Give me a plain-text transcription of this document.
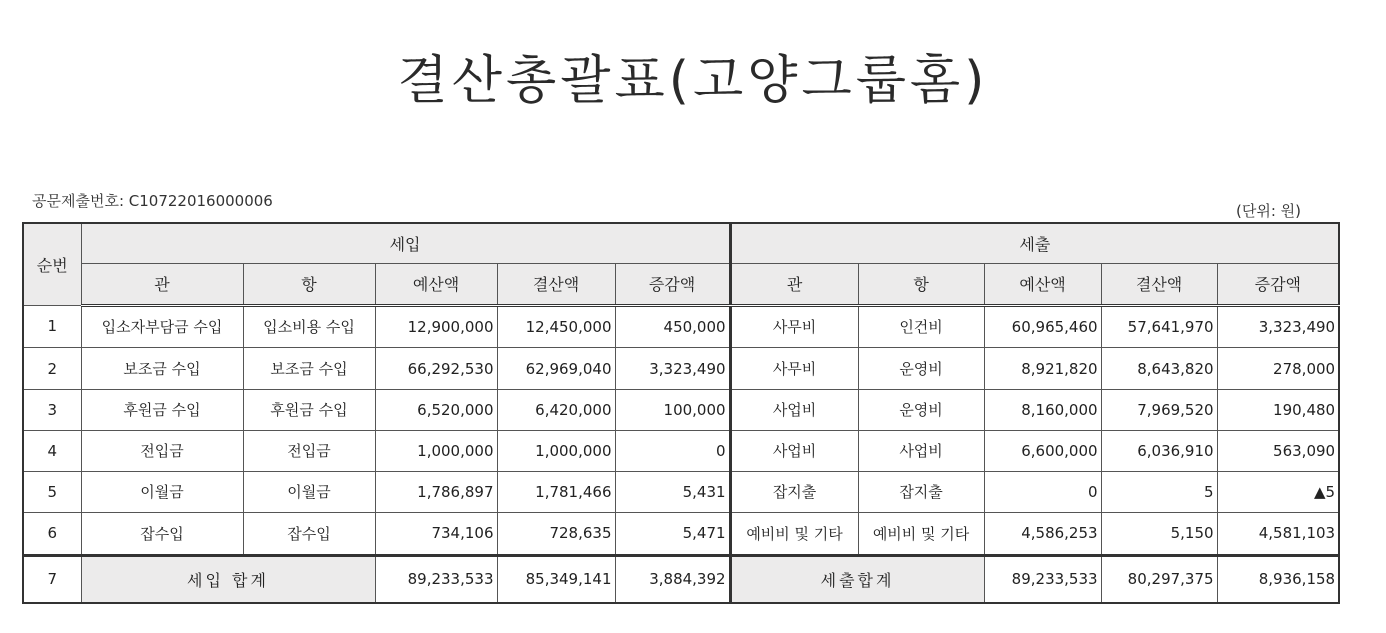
결산총괄표(고양그룹홈)
공문제출번호: C10722016000006
(단위: 원)
순번	세입					세출				
	관	항	예산액	결산액	증감액	관	항	예산액	결산액	증감액
1	입소자부담금 수입	입소비용 수입	12,900,000	12,450,000	450,000	사무비	인건비	60,965,460	57,641,970	3,323,490
2	보조금 수입	보조금 수입	66,292,530	62,969,040	3,323,490	사무비	운영비	8,921,820	8,643,820	278,000
3	후원금 수입	후원금 수입	6,520,000	6,420,000	100,000	사업비	운영비	8,160,000	7,969,520	190,480
4	전입금	전입금	1,000,000	1,000,000	0	사업비	사업비	6,600,000	6,036,910	563,090
5	이월금	이월금	1,786,897	1,781,466	5,431	잡지출	잡지출	0	5	▲5
6	잡수입	잡수입	734,106	728,635	5,471	예비비 및 기타	예비비 및 기타	4,586,253	5,150	4,581,103
7	세입 합계		89,233,533	85,349,141	3,884,392	세출합계		89,233,533	80,297,375	8,936,158
